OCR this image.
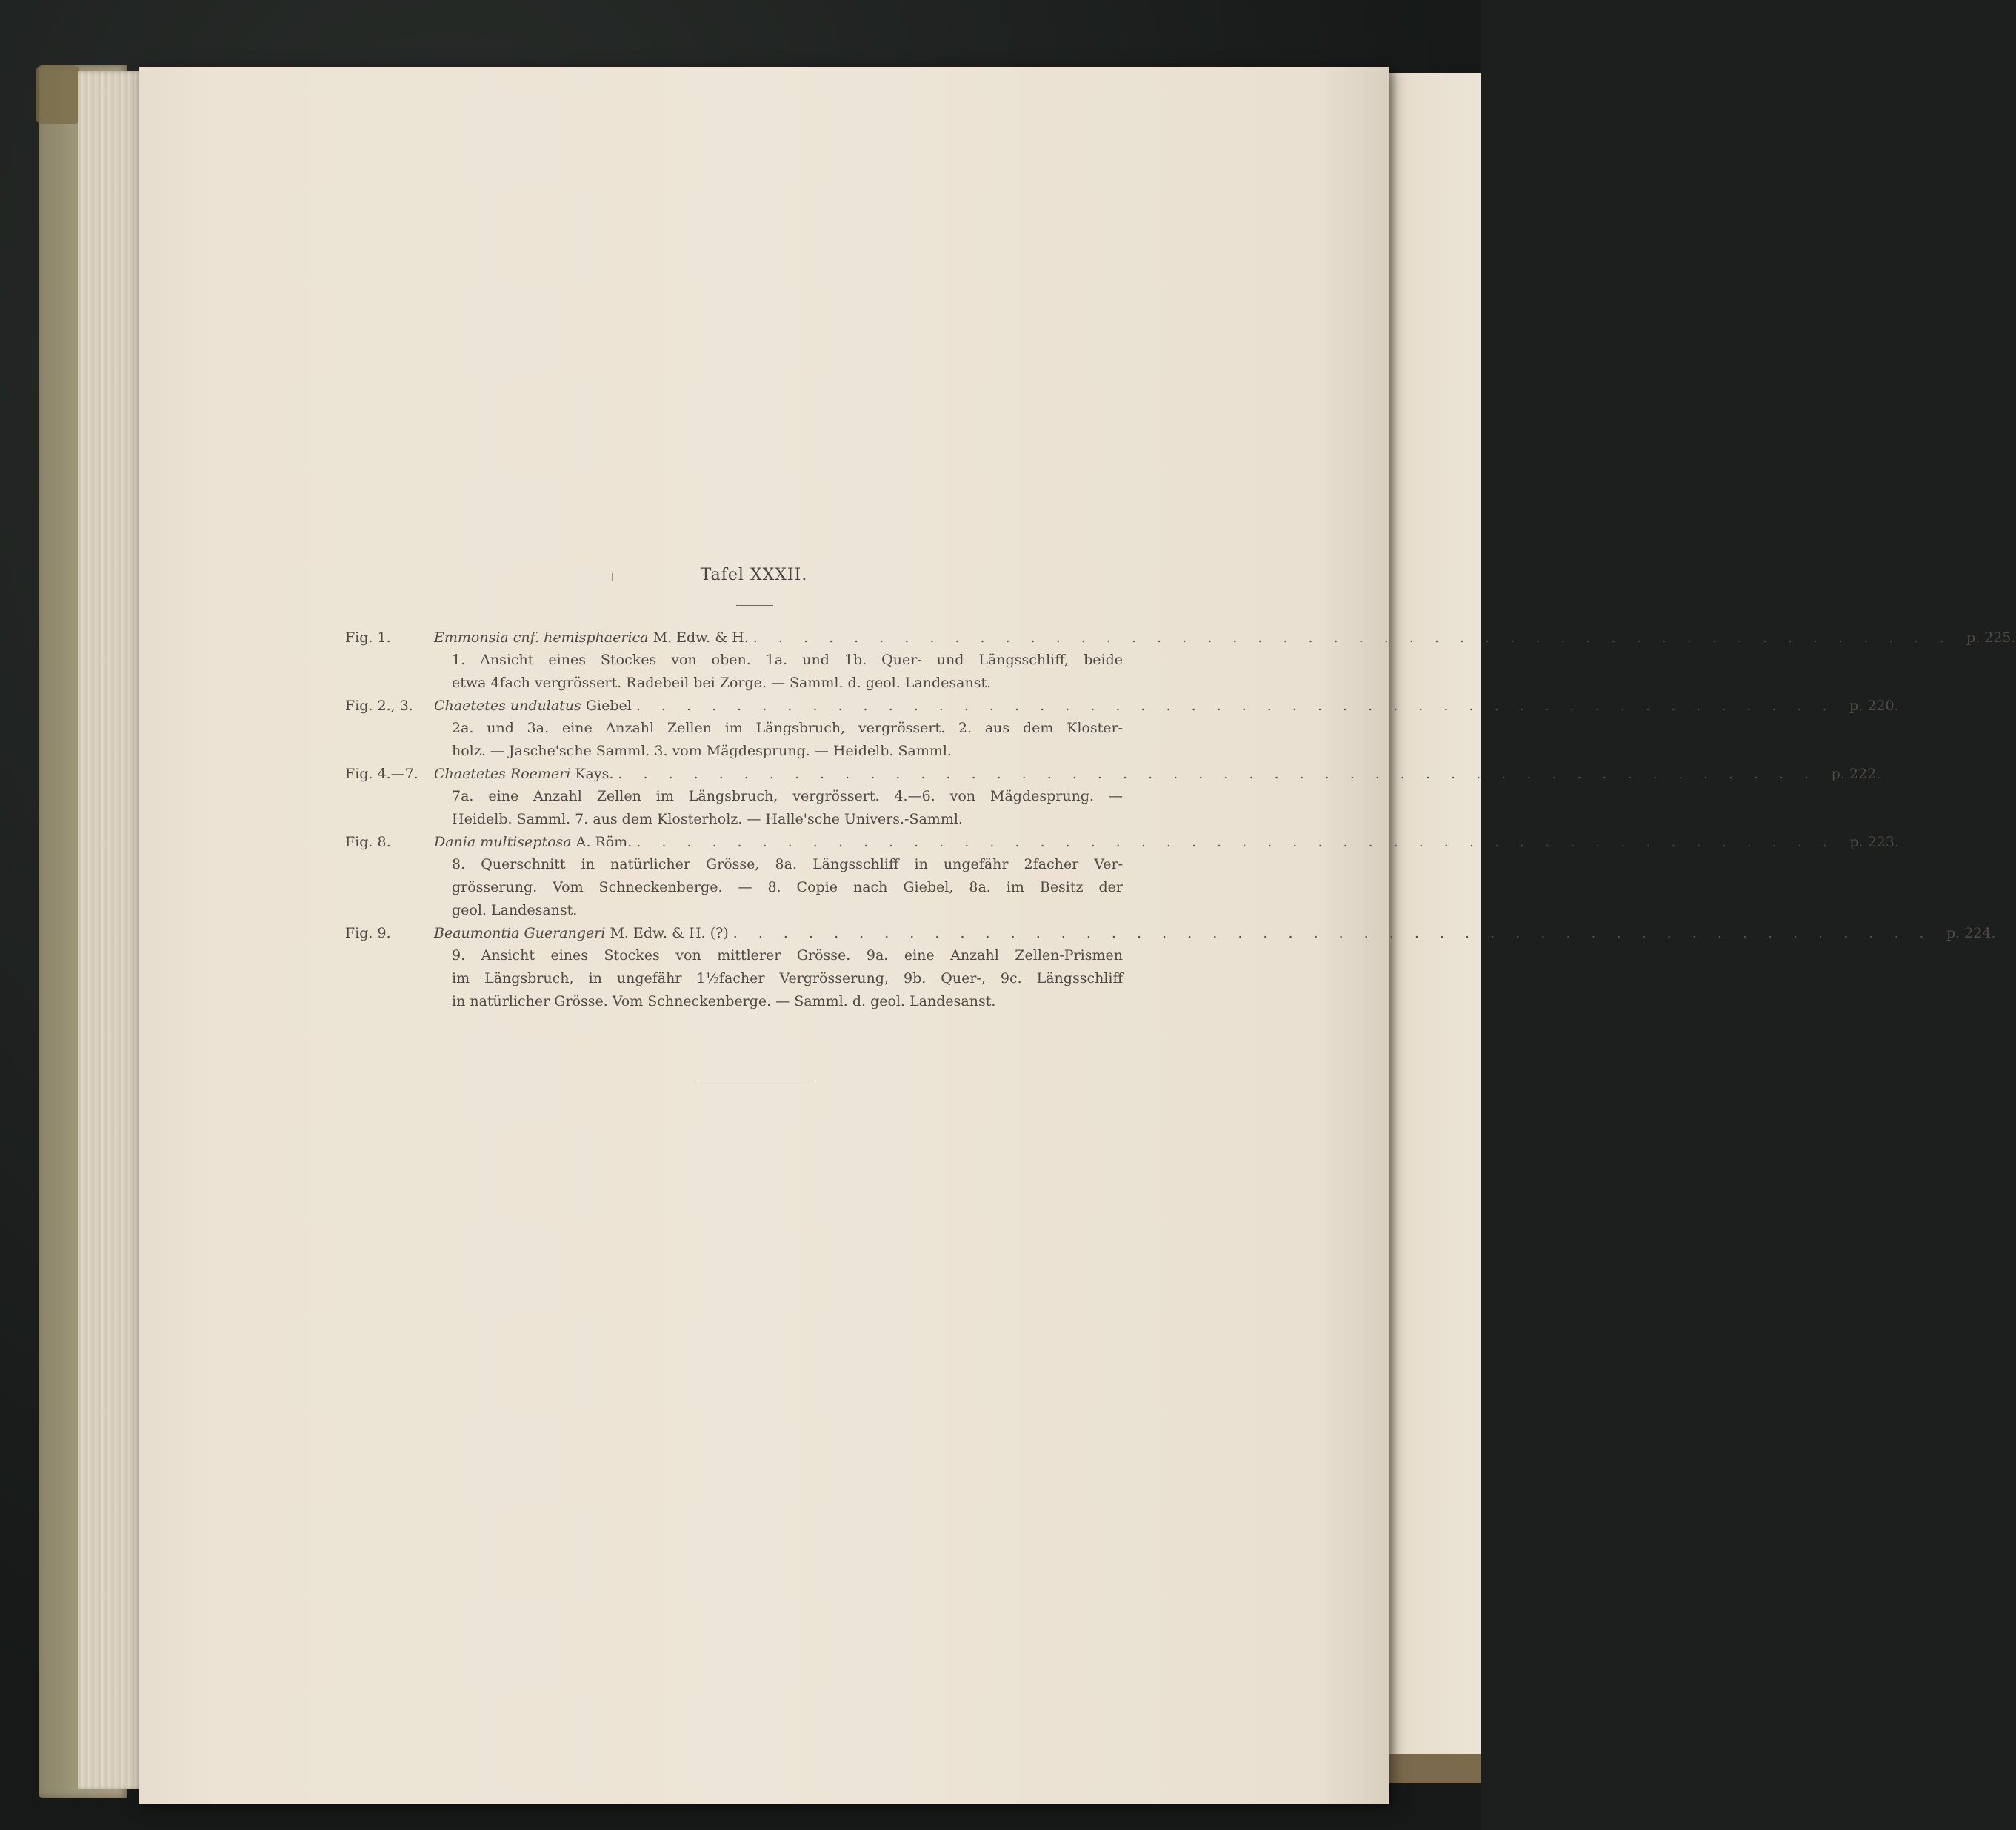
Tafel XXXII.
Fig. 1.	Emmonsia cnf. hemisphaerica M. Edw. & H. . . . . . . . . . . . . . . . . . . . . . . . . . . . . . . . . . . . . . . . . . . . . . . . .	p. 225.
1. Ansicht eines Stockes von oben. 1a. und 1b. Quer- und Längsschliff, beide
etwa 4fach vergrössert. Radebeil bei Zorge. — Samml. d. geol. Landesanst.
Fig. 2., 3.	Chaetetes undulatus Giebel . . . . . . . . . . . . . . . . . . . . . . . . . . . . . . . . . . . . . . . . . . . . . . . .	p. 220.
2a. und 3a. eine Anzahl Zellen im Längsbruch, vergrössert. 2. aus dem Kloster-
holz. — Jasche'sche Samml. 3. vom Mägdesprung. — Heidelb. Samml.
Fig. 4.—7.	Chaetetes Roemeri Kays. . . . . . . . . . . . . . . . . . . . . . . . . . . . . . . . . . . . . . . . . . . . . . . . .	p. 222.
7a. eine Anzahl Zellen im Längsbruch, vergrössert. 4.—6. von Mägdesprung. —
Heidelb. Samml. 7. aus dem Klosterholz. — Halle'sche Univers.-Samml.
Fig. 8.	Dania multiseptosa A. Röm. . . . . . . . . . . . . . . . . . . . . . . . . . . . . . . . . . . . . . . . . . . . . . . . .	p. 223.
8. Querschnitt in natürlicher Grösse, 8a. Längsschliff in ungefähr 2facher Ver-
grösserung. Vom Schneckenberge. — 8. Copie nach Giebel, 8a. im Besitz der
geol. Landesanst.
Fig. 9.	Beaumontia Guerangeri M. Edw. & H. (?) . . . . . . . . . . . . . . . . . . . . . . . . . . . . . . . . . . . . . . . . . . . . . . . .	p. 224.
9. Ansicht eines Stockes von mittlerer Grösse. 9a. eine Anzahl Zellen-Prismen
im Längsbruch, in ungefähr 1½facher Vergrösserung, 9b. Quer-, 9c. Längsschliff
in natürlicher Grösse. Vom Schneckenberge. — Samml. d. geol. Landesanst.
